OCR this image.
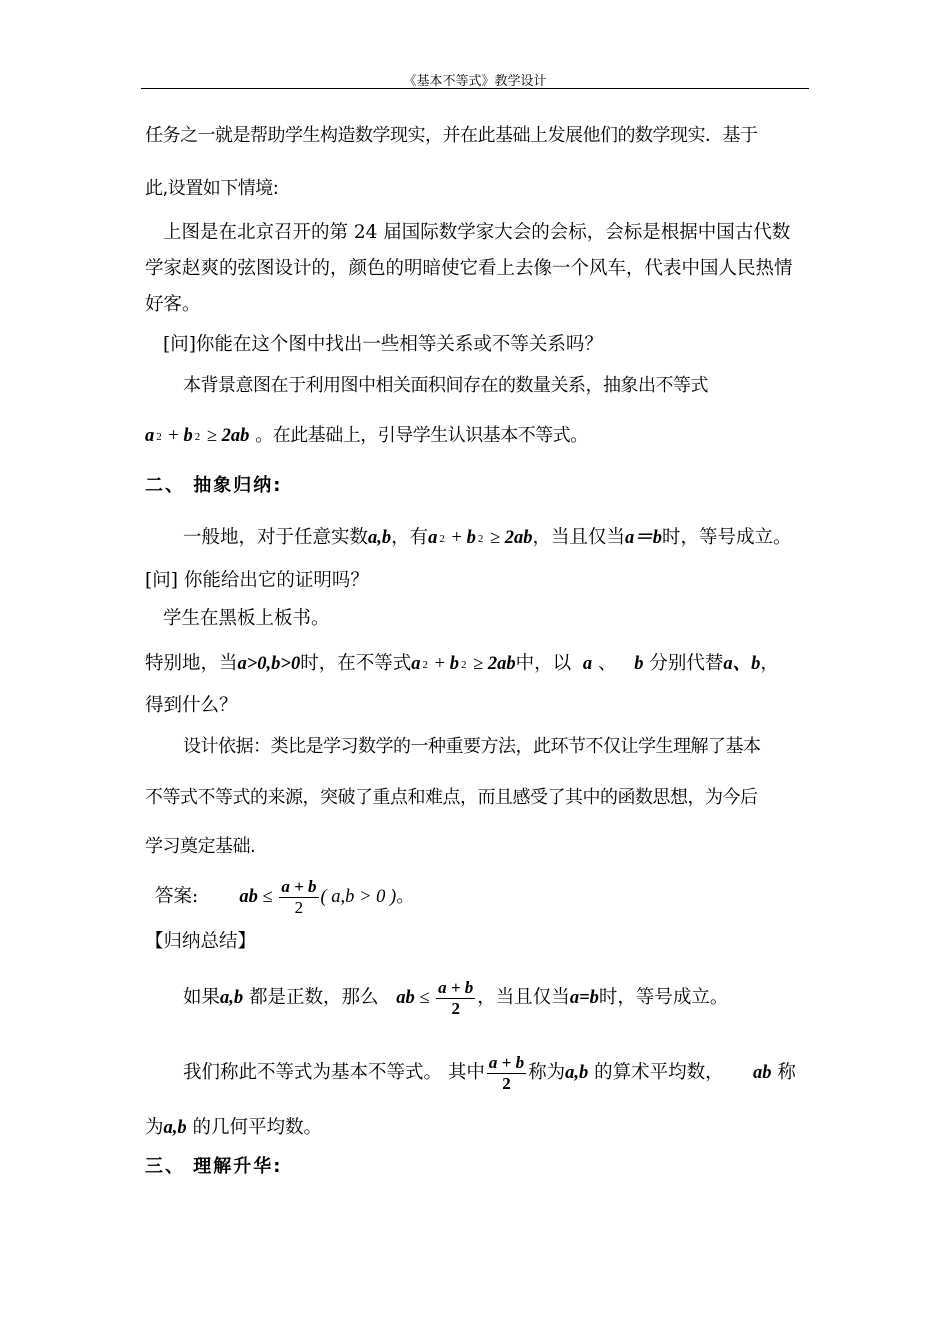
《基本不等式》教学设计
任务之一就是帮助学生构造数学现实，并在此基础上发展他们的数学现实．基于
此,设置如下情境:
上图是在北京召开的第 24 届国际数学家大会的会标，会标是根据中国古代数
学家赵爽的弦图设计的，颜色的明暗使它看上去像一个风车，代表中国人民热情
好客。
[问]你能在这个图中找出一些相等关系或不等关系吗？
本背景意图在于利用图中相关面积间存在的数量关系，抽象出不等式
a 2 + b 2 ≥ 2ab 。在此基础上，引导学生认识基本不等式。
二、 抽象归纳:
一般地，对于任意实数a,b，有a 2 + b 2 ≥ 2ab，当且仅当a＝b时，等号成立。
[问] 你能给出它的证明吗？
学生在黑板上板书。
特别地，当a>0,b>0时，在不等式a 2 + b 2 ≥ 2ab中，以 a 、 b 分别代替a、b，
得到什么？
设计依据：类比是学习数学的一种重要方法，此环节不仅让学生理解了基本
不等式不等式的来源，突破了重点和难点，而且感受了其中的函数思想，为今后
学习奠定基础.
答案: ab ≤ $\frac{a + b}{2}$ ( a,b > 0 )。
【归纳总结】
如果a,b 都是正数，那么 ab ≤ $\frac{a + b}{2}$ ，当且仅当a=b时，等号成立。
我们称此不等式为基本不等式。 其中 $\frac{a + b}{2}$ 称为a,b 的算术平均数， ab 称
为a,b 的几何平均数。
三、 理解升华:
